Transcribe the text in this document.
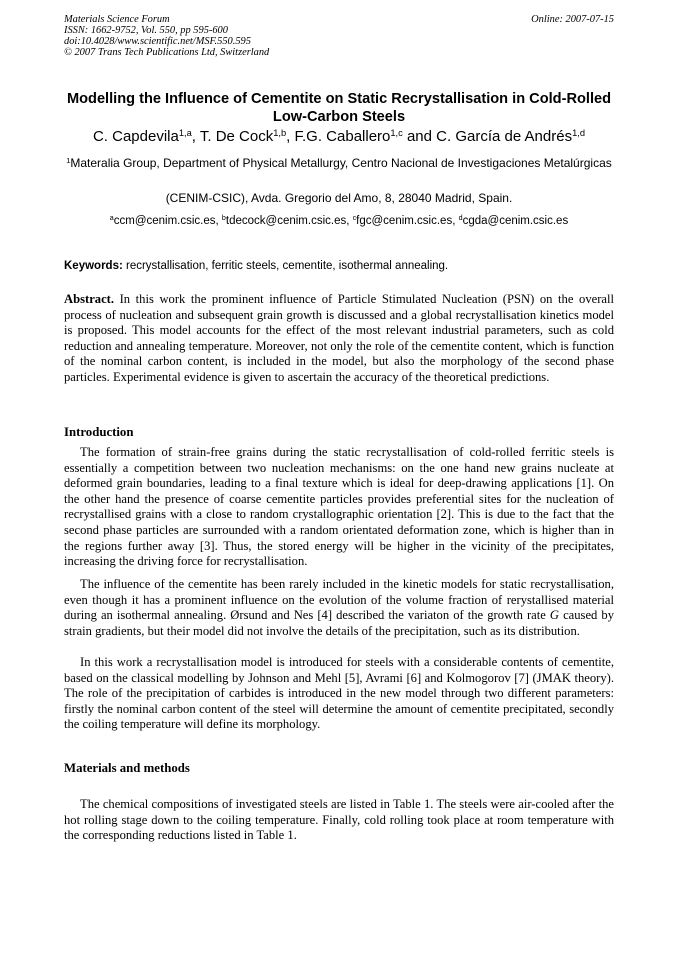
Materials Science Forum
ISSN: 1662-9752, Vol. 550, pp 595-600
doi:10.4028/www.scientific.net/MSF.550.595
© 2007 Trans Tech Publications Ltd, Switzerland
Online: 2007-07-15
Modelling the Influence of Cementite on Static Recrystallisation in Cold-Rolled Low-Carbon Steels
C. Capdevila$^{1,a}$, T. De Cock$^{1,b}$, F.G. Caballero$^{1,c}$ and C. García de Andrés$^{1,d}$
$^1$Materalia Group, Department of Physical Metallurgy, Centro Nacional de Investigaciones Metalúrgicas
(CENIM-CSIC), Avda. Gregorio del Amo, 8, 28040 Madrid, Spain.
$^a$ccm@cenim.csic.es, $^b$tdecock@cenim.csic.es, $^c$fgc@cenim.csic.es, $^d$cgda@cenim.csic.es
Keywords: recrystallisation, ferritic steels, cementite, isothermal annealing.
Abstract. In this work the prominent influence of Particle Stimulated Nucleation (PSN) on the overall process of nucleation and subsequent grain growth is discussed and a global recrystallisation kinetics model is proposed. This model accounts for the effect of the most relevant industrial parameters, such as cold reduction and annealing temperature. Moreover, not only the role of the cementite content, which is function of the nominal carbon content, is included in the model, but also the morphology of the second phase particles. Experimental evidence is given to ascertain the accuracy of the theoretical predictions.
Introduction
The formation of strain-free grains during the static recrystallisation of cold-rolled ferritic steels is essentially a competition between two nucleation mechanisms: on the one hand new grains nucleate at deformed grain boundaries, leading to a final texture which is ideal for deep-drawing applications [1]. On the other hand the presence of coarse cementite particles provides preferential sites for the nucleation of recrystallised grains with a close to random crystallographic orientation [2]. This is due to the fact that the second phase particles are surrounded with a random orientated deformation zone, which is higher than in the regions further away [3]. Thus, the stored energy will be higher in the vicinity of the precipitates, increasing the driving force for recrystallisation.
The influence of the cementite has been rarely included in the kinetic models for static recrystallisation, even though it has a prominent influence on the evolution of the volume fraction of rerystallised material during an isothermal annealing. Ørsund and Nes [4] described the variaton of the growth rate G caused by strain gradients, but their model did not involve the details of the precipitation, such as its distribution.
In this work a recrystallisation model is introduced for steels with a considerable contents of cementite, based on the classical modelling by Johnson and Mehl [5], Avrami [6] and Kolmogorov [7] (JMAK theory). The role of the precipitation of carbides is introduced in the new model through two different parameters: firstly the nominal carbon content of the steel will determine the amount of cementite precipitated, secondly the coiling temperature will define its morphology.
Materials and methods
The chemical compositions of investigated steels are listed in Table 1. The steels were air-cooled after the hot rolling stage down to the coiling temperature. Finally, cold rolling took place at room temperature with the corresponding reductions listed in Table 1.
